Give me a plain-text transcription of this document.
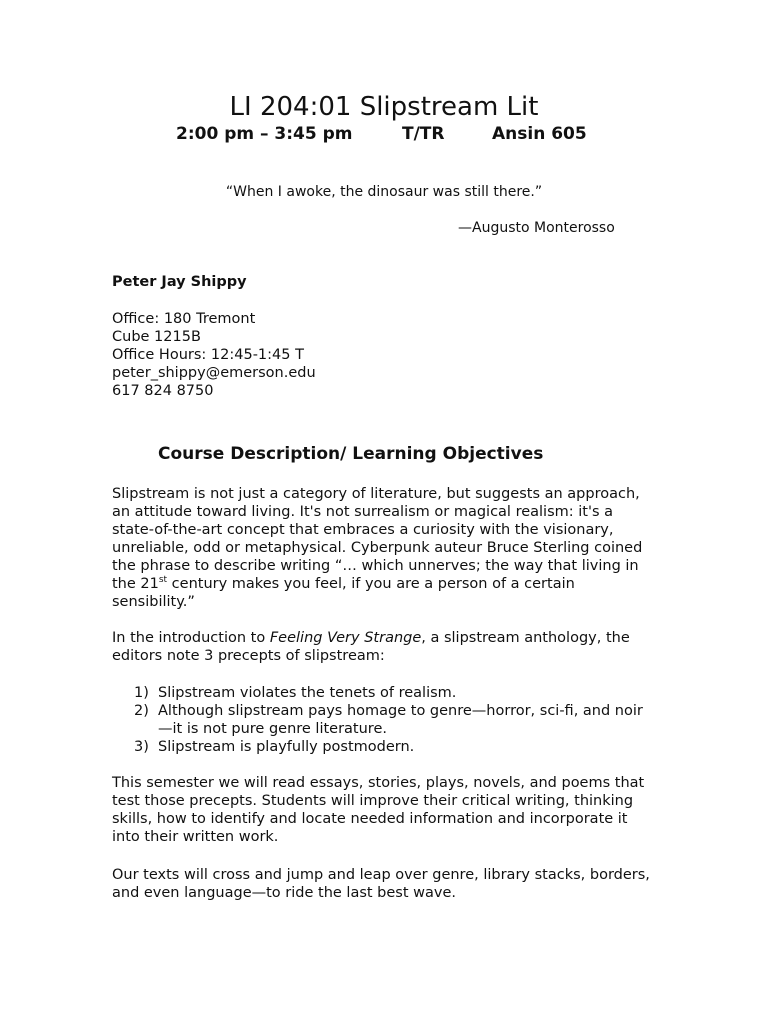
LI 204:01 Slipstream Lit
2:00 pm – 3:45 pm	T/TR	Ansin 605
“When I awoke, the dinosaur was still there.”
—Augusto Monterosso
Peter Jay Shippy
Office: 180 Tremont
Cube 1215B
Office Hours: 12:45-1:45 T
peter_shippy@emerson.edu
617 824 8750
Course Description/ Learning Objectives

Slipstream is not just a category of literature, but suggests an approach, an attitude toward living. It's not surrealism or magical realism: it's a state-of-the-art concept that embraces a curiosity with the visionary, unreliable, odd or metaphysical. Cyberpunk auteur Bruce Sterling coined the phrase to describe writing “… which unnerves; the way that living in the 21st century makes you feel, if you are a person of a certain sensibility.”

In the introduction to Feeling Very Strange, a slipstream anthology, the editors note 3 precepts of slipstream:

1) Slipstream violates the tenets of realism.
2) Although slipstream pays homage to genre—horror, sci-fi, and noir—it is not pure genre literature.
3) Slipstream is playfully postmodern.

This semester we will read essays, stories, plays, novels, and poems that test those precepts. Students will improve their critical writing, thinking skills, how to identify and locate needed information and incorporate it into their written work.

Our texts will cross and jump and leap over genre, library stacks, borders, and even language—to ride the last best wave.
